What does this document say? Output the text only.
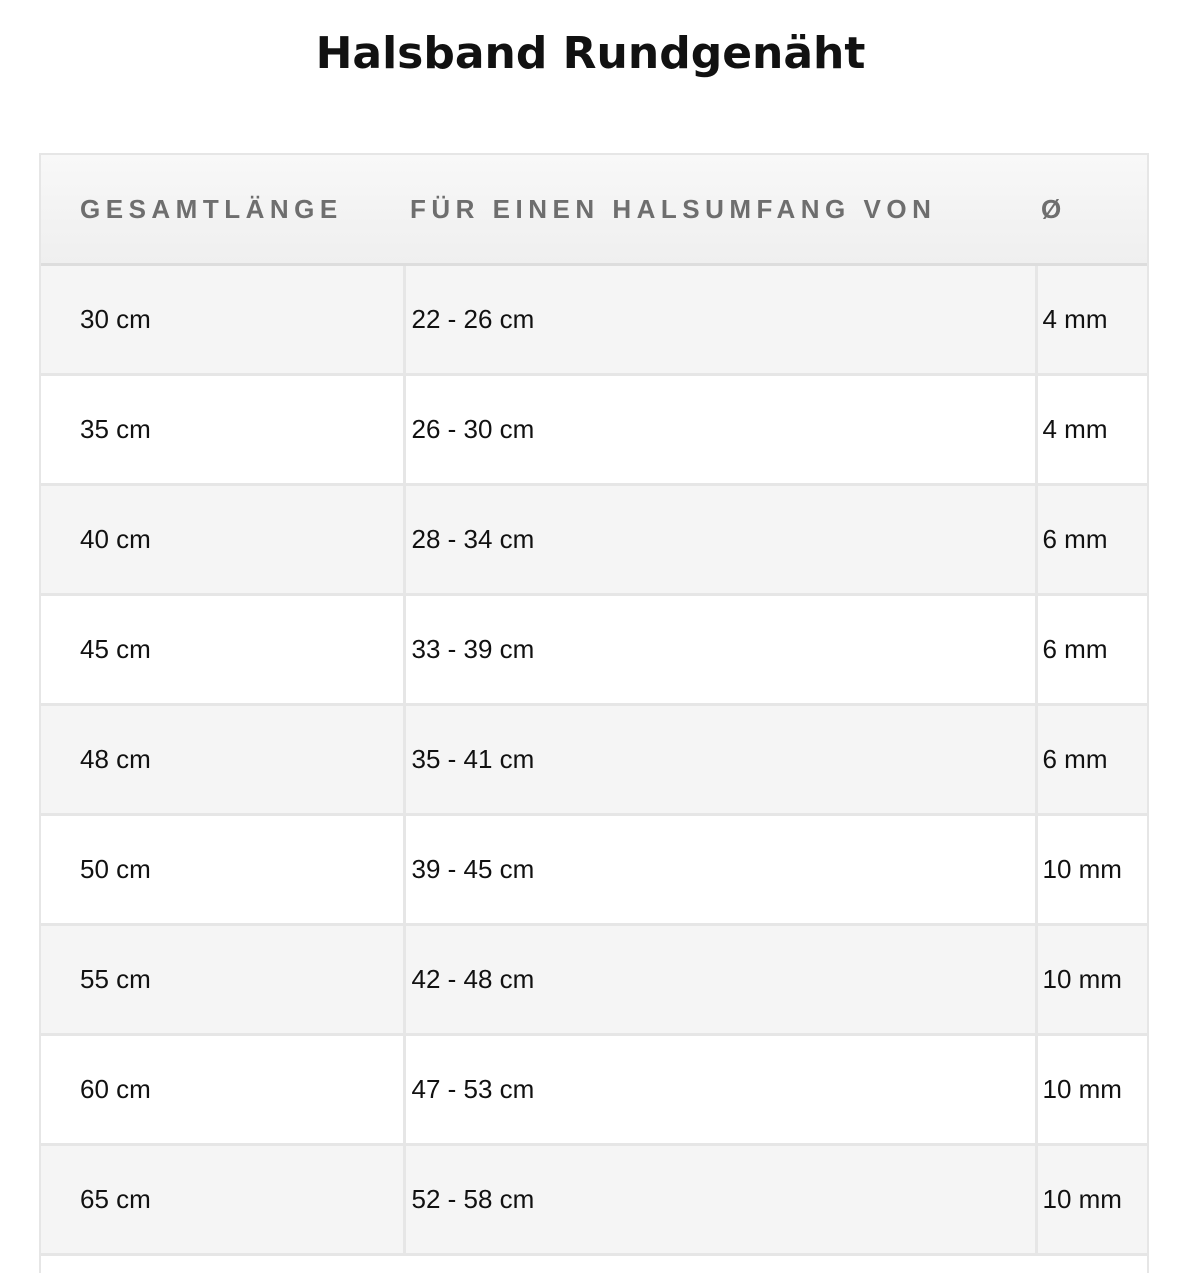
Halsband Rundgenäht
GESAMTLÄNGE	FÜR EINEN HALSUMFANG VON	Ø
30 cm	22 - 26 cm	4 mm
35 cm	26 - 30 cm	4 mm
40 cm	28 - 34 cm	6 mm
45 cm	33 - 39 cm	6 mm
48 cm	35 - 41 cm	6 mm
50 cm	39 - 45 cm	10 mm
55 cm	42 - 48 cm	10 mm
60 cm	47 - 53 cm	10 mm
65 cm	52 - 58 cm	10 mm
